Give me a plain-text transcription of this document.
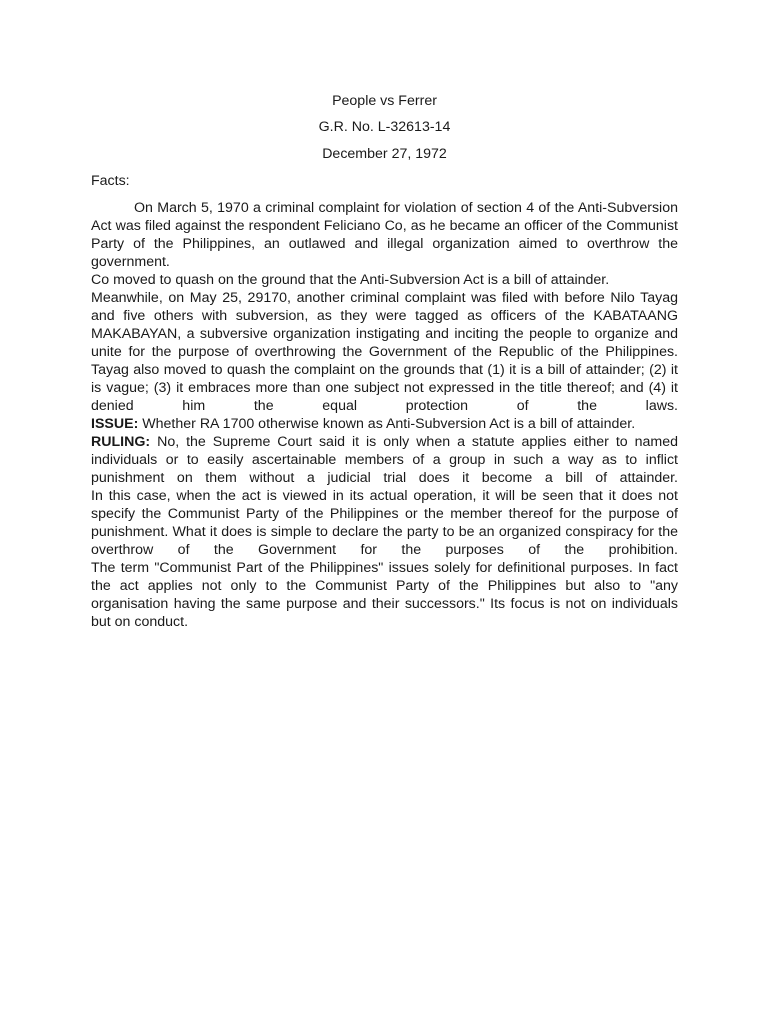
People vs Ferrer

G.R. No. L-32613-14

December 27, 1972

Facts:

On March 5, 1970 a criminal complaint for violation of section 4 of the Anti-Subversion Act was filed against the respondent Feliciano Co, as he became an officer of the Communist Party of the Philippines, an outlawed and illegal organization aimed to overthrow the government.

Co moved to quash on the ground that the Anti-Subversion Act is a bill of attainder.

Meanwhile, on May 25, 29170, another criminal complaint was filed with before Nilo Tayag and five others with subversion, as they were tagged as officers of the KABATAANG MAKABAYAN, a subversive organization instigating and inciting the people to organize and unite for the purpose of overthrowing the Government of the Republic of the Philippines.

Tayag also moved to quash the complaint on the grounds that (1) it is a bill of attainder; (2) it is vague; (3) it embraces more than one subject not expressed in the title thereof; and (4) it denied him the equal protection of the laws.

ISSUE: Whether RA 1700 otherwise known as Anti-Subversion Act is a bill of attainder.

RULING: No, the Supreme Court said it is only when a statute applies either to named individuals or to easily ascertainable members of a group in such a way as to inflict punishment on them without a judicial trial does it become a bill of attainder.

In this case, when the act is viewed in its actual operation, it will be seen that it does not specify the Communist Party of the Philippines or the member thereof for the purpose of punishment. What it does is simple to declare the party to be an organized conspiracy for the overthrow of the Government for the purposes of the prohibition.

The term "Communist Part of the Philippines" issues solely for definitional purposes. In fact the act applies not only to the Communist Party of the Philippines but also to "any organisation having the same purpose and their successors." Its focus is not on individuals but on conduct.
